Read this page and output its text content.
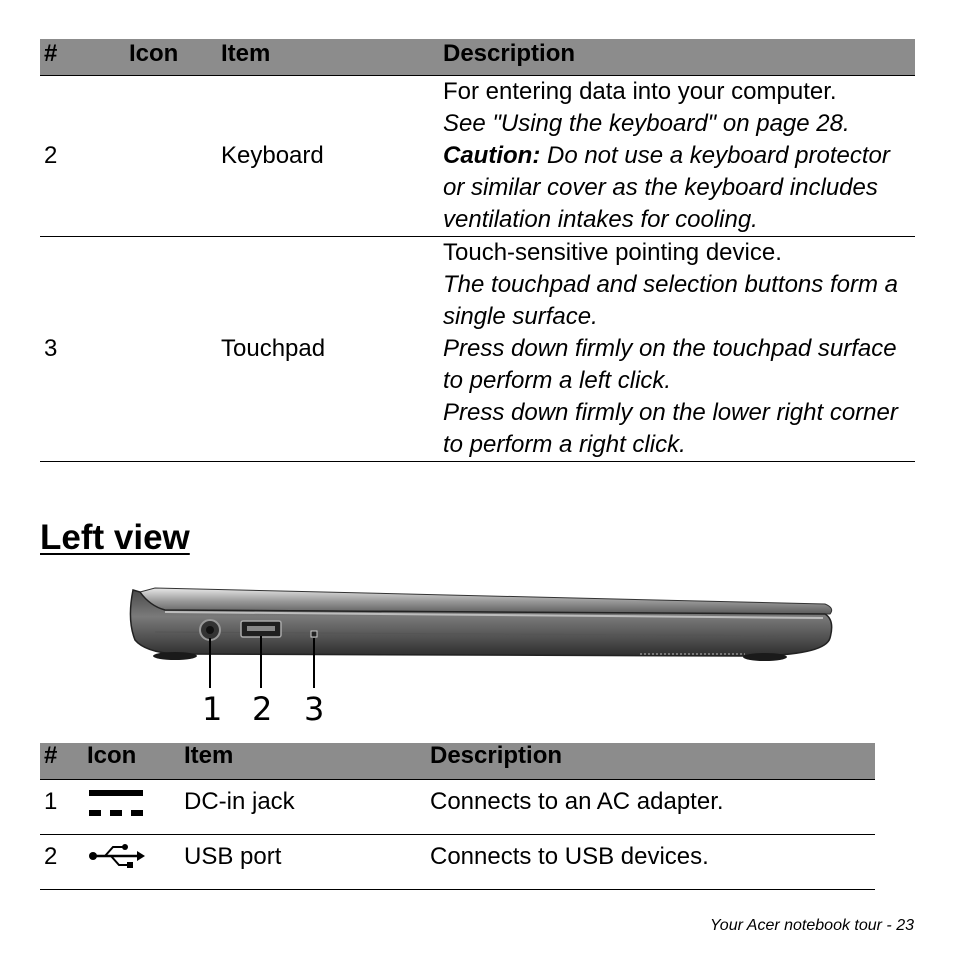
#	Icon	Item	Description
2		Keyboard	For entering data into your computer.

See "Using the keyboard" on page 28.

Caution: Do not use a keyboard protector or similar cover as the keyboard includes ventilation intakes for cooling.

3		Touchpad	Touch-sensitive pointing device.

The touchpad and selection buttons form a single surface.

Press down firmly on the touchpad surface to perform a left click.

Press down firmly on the lower right corner to perform a right click.

Left view
1 2 3
#	Icon	Item	Description
1		DC-in jack	Connects to an AC adapter.
2		USB port	Connects to USB devices.
Your Acer notebook tour - 23
